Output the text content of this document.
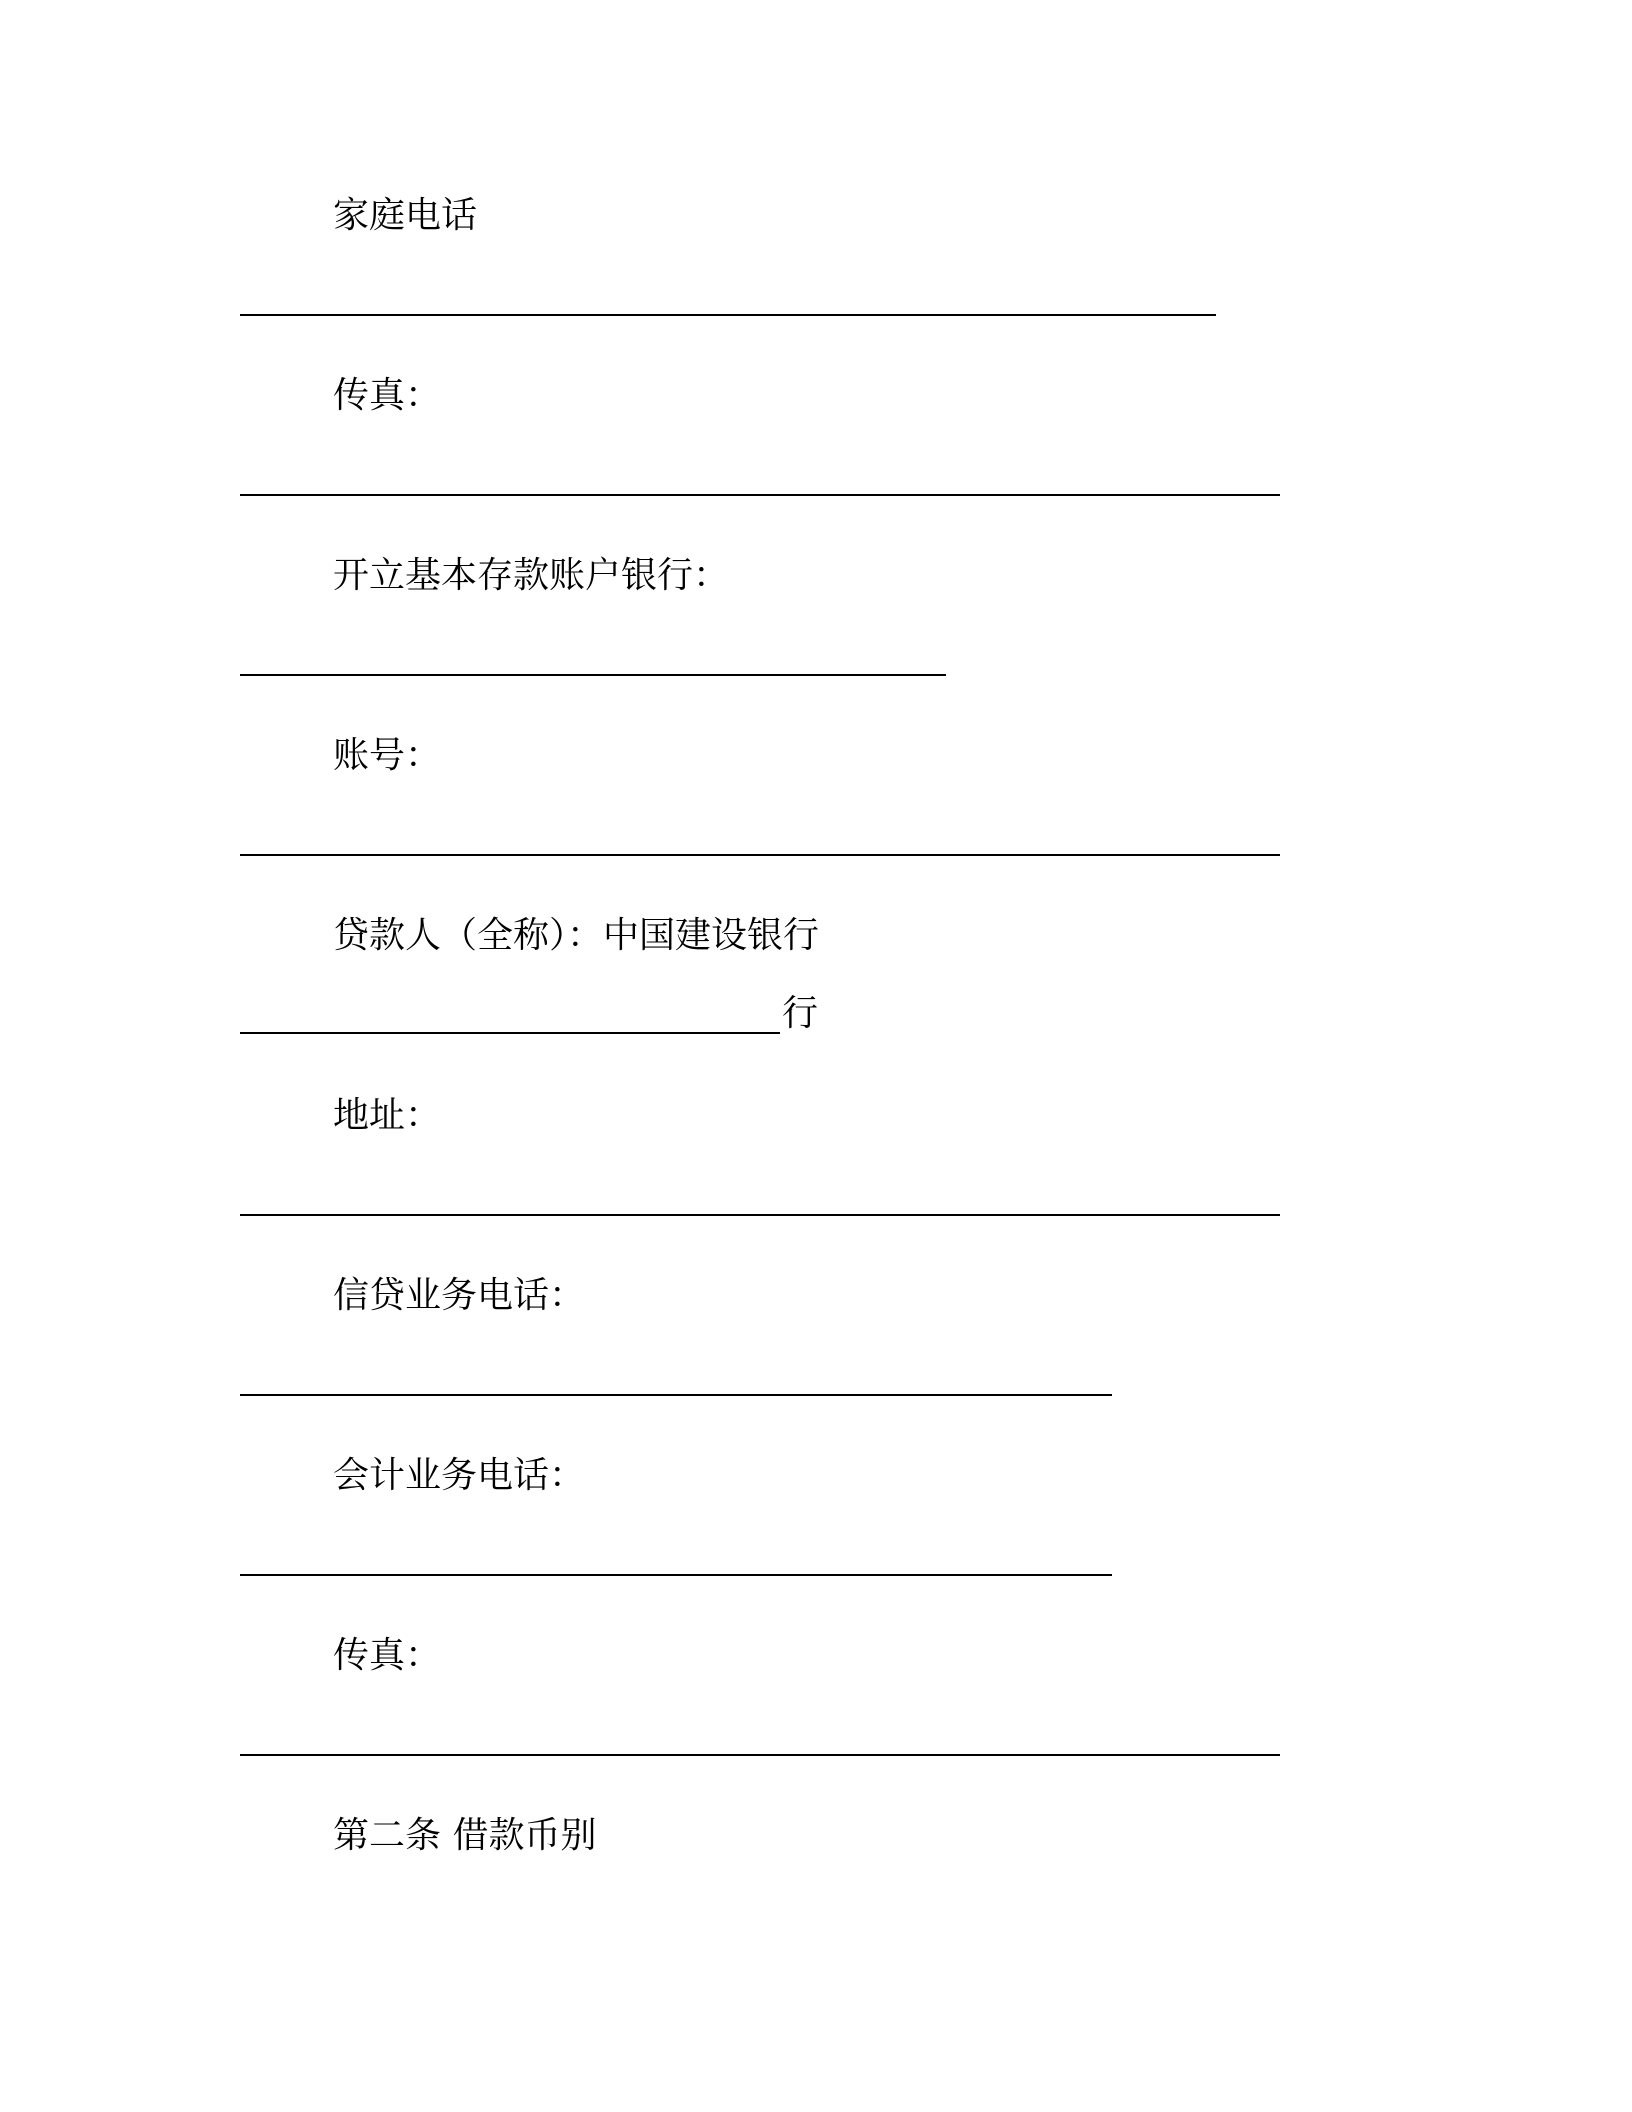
家庭电话
传真：
开立基本存款账户银行：
账号：
贷款人（全称）：中国建设银行
行
地址：
信贷业务电话：
会计业务电话：
传真：
第二条 借款币别
